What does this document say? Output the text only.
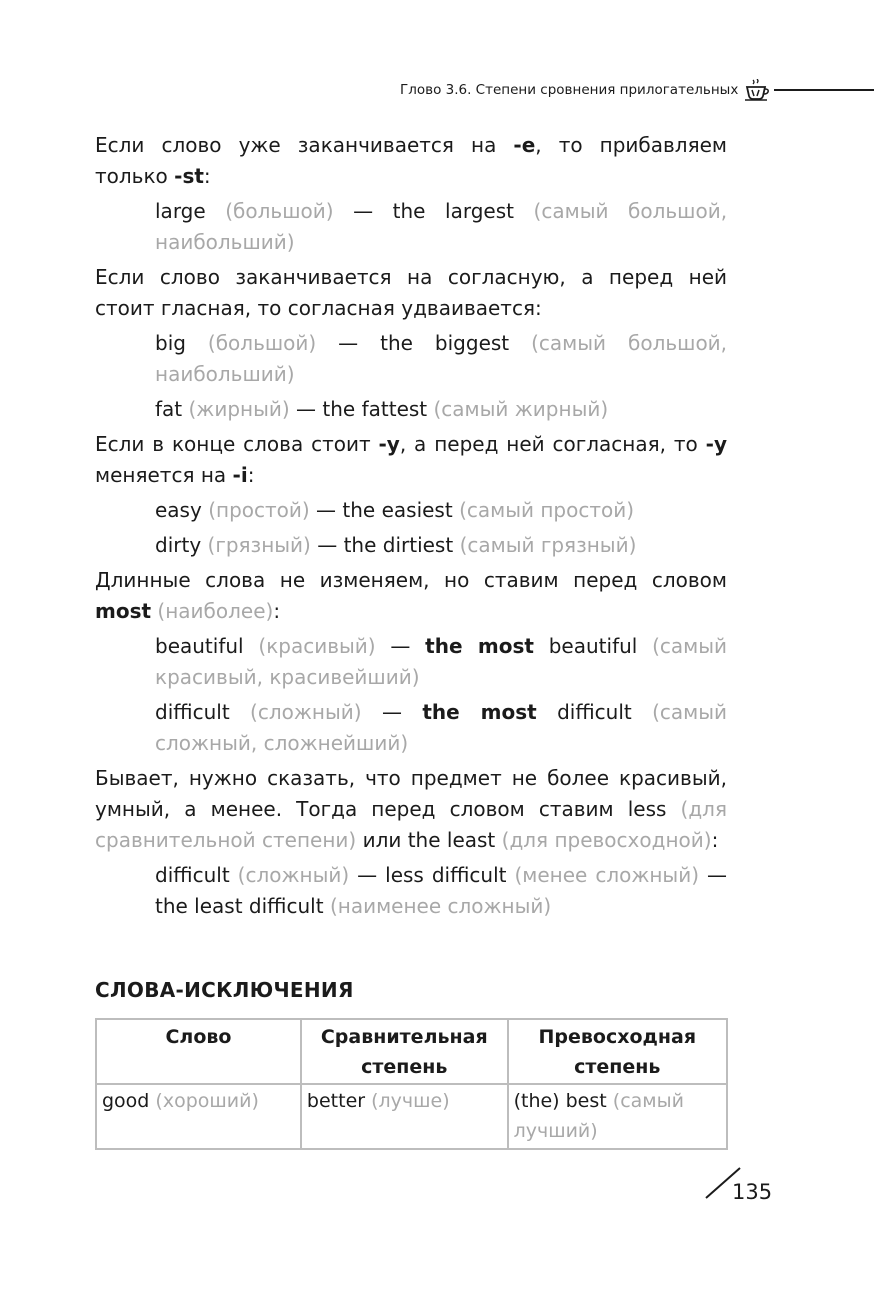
Глово 3.6. Степени сровнения прилогательных

Если слово уже заканчивается на -e, то прибавляем только -st:

large (большой) — the largest (самый большой, наибольший)

Если слово заканчивается на согласную, а перед ней стоит гласная, то согласная удваивается:

big (большой) — the biggest (самый большой, наибольший)

fat (жирный) — the fattest (самый жирный)

Если в конце слова стоит -y, а перед ней согласная, то -y меняется на -i:

easy (простой) — the easiest (самый простой)

dirty (грязный) — the dirtiest (самый грязный)

Длинные слова не изменяем, но ставим перед словом most (наиболее):

beautiful (красивый) — the most beautiful (самый красивый, красивейший)

difficult (сложный) — the most difficult (самый сложный, сложнейший)

Бывает, нужно сказать, что предмет не более красивый, умный, а менее. Тогда перед словом ставим less (для сравнительной степени) или the least (для превосходной):

difficult (сложный) — less difficult (менее сложный) — the least difficult (наименее сложный)

СЛОВА-ИСКЛЮЧЕНИЯ
Слово	Сравнительная степень	Превосходная степень
good (хороший)	better (лучше)	(the) best (самый лучший)
135
